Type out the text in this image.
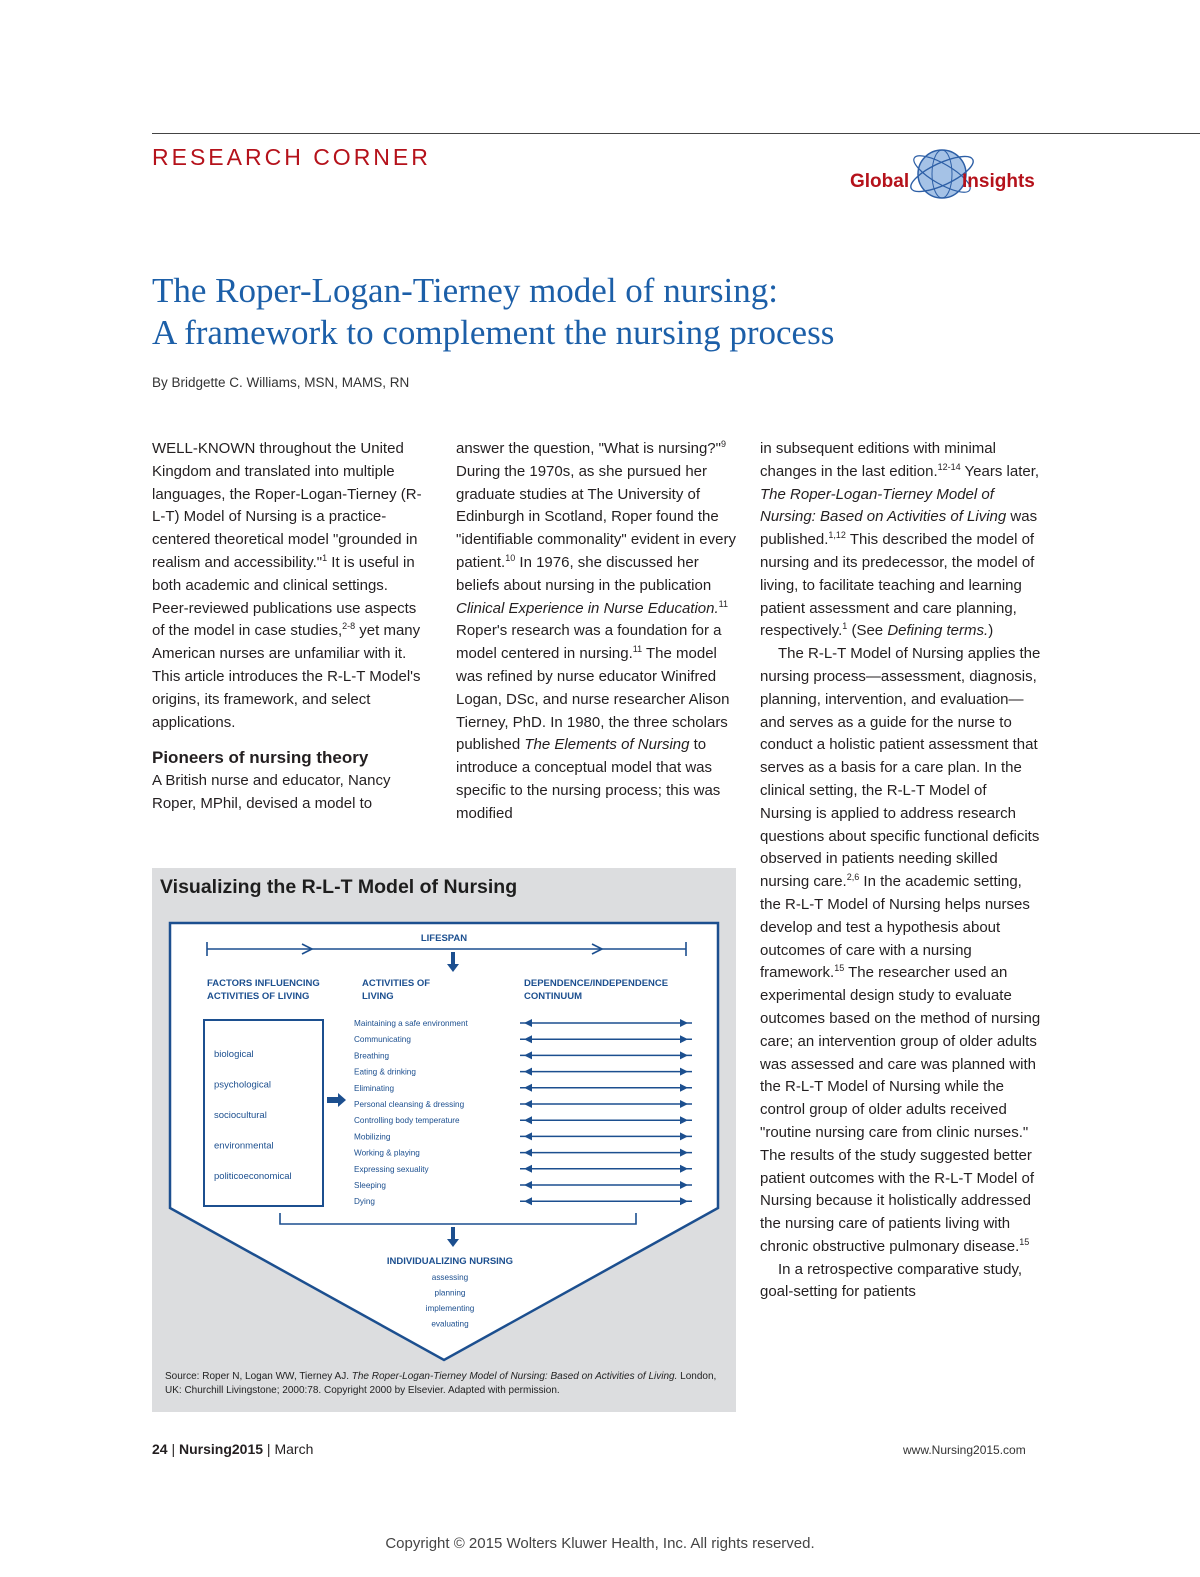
RESEARCH CORNER
Global	Insights
The Roper-Logan-Tierney model of nursing:
A framework to complement the nursing process
By Bridgette C. Williams, MSN, MAMS, RN

WELL-KNOWN throughout the United Kingdom and translated into multiple languages, the Roper-Logan-Tierney (R-L-T) Model of Nursing is a practice-centered theoretical model "grounded in realism and accessibility."$^1$ It is useful in both academic and clinical settings. Peer-reviewed publications use aspects of the model in case studies,$^{2-8}$ yet many American nurses are unfamiliar with it. This article introduces the R-L-T Model's origins, its framework, and select applications.

Pioneers of nursing theory

A British nurse and educator, Nancy Roper, MPhil, devised a model to

answer the question, "What is nursing?"$^9$ During the 1970s, as she pursued her graduate studies at The University of Edinburgh in Scotland, Roper found the "identifiable commonality" evident in every patient.$^{10}$ In 1976, she discussed her beliefs about nursing in the publication Clinical Experience in Nurse Education.$^{11}$ Roper's research was a foundation for a model centered in nursing.$^{11}$ The model was refined by nurse educator Winifred Logan, DSc, and nurse researcher Alison Tierney, PhD. In 1980, the three scholars published The Elements of Nursing to introduce a conceptual model that was specific to the nursing process; this was modified

in subsequent editions with minimal changes in the last edition.$^{12-14}$ Years later, The Roper-Logan-Tierney Model of Nursing: Based on Activities of Living was published.$^{1,12}$ This described the model of nursing and its predecessor, the model of living, to facilitate teaching and learning patient assessment and care planning, respectively.$^1$ (See Defining terms.)

The R-L-T Model of Nursing applies the nursing process—assessment, diagnosis, planning, intervention, and evaluation—and serves as a guide for the nurse to conduct a holistic patient assessment that serves as a basis for a care plan. In the clinical setting, the R-L-T Model of Nursing is applied to address research questions about specific functional deficits observed in patients needing skilled nursing care.$^{2,6}$ In the academic setting, the R-L-T Model of Nursing helps nurses develop and test a hypothesis about outcomes of care with a nursing framework.$^{15}$ The researcher used an experimental design study to evaluate outcomes based on the method of nursing care; an intervention group of older adults was assessed and care was planned with the R-L-T Model of Nursing while the control group of older adults received "routine nursing care from clinic nurses." The results of the study suggested better patient outcomes with the R-L-T Model of Nursing because it holistically addressed the nursing care of patients living with chronic obstructive pulmonary disease.$^{15}$

In a retrospective comparative study, goal-setting for patients

Visualizing the R-L-T Model of Nursing
LIFESPAN
FACTORS INFLUENCING
ACTIVITIES OF LIVING
ACTIVITIES OF
LIVING
DEPENDENCE/INDEPENDENCE
CONTINUUM
biological
psychological
sociocultural
environmental
politicoeconomical
Maintaining a safe environment
Communicating
Breathing
Eating & drinking
Eliminating
Personal cleansing & dressing
Controlling body temperature
Mobilizing
Working & playing
Expressing sexuality
Sleeping
Dying
INDIVIDUALIZING NURSING
assessing
planning
implementing
evaluating
Source: Roper N, Logan WW, Tierney AJ. The Roper-Logan-Tierney Model of Nursing: Based on Activities of Living. London, UK: Churchill Livingstone; 2000:78. Copyright 2000 by Elsevier. Adapted with permission.
24 | Nursing2015 | March	www.Nursing2015.com
Copyright © 2015 Wolters Kluwer Health, Inc. All rights reserved.
